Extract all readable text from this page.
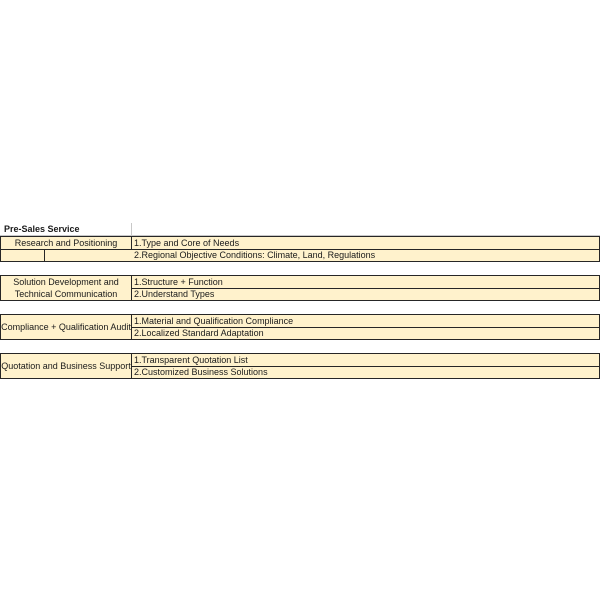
Pre-Sales Service
Research and Positioning 1.Type and Core of Needs
2.Regional Objective Conditions: Climate, Land, Regulations
Solution Development and Technical Communication
1.Structure + Function
2.Understand Types
Compliance + Qualification Audit
1.Material and Qualification Compliance
2.Localized Standard Adaptation
Quotation and Business Support
1.Transparent Quotation List
2.Customized Business Solutions
